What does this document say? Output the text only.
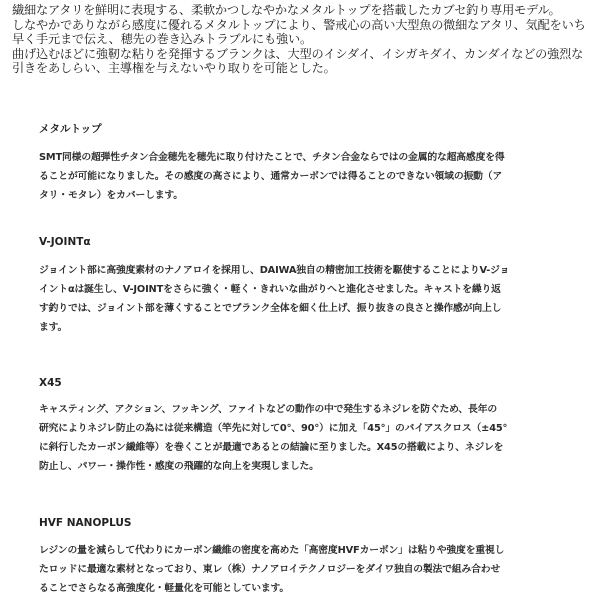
繊細なアタリを鮮明に表現する、柔軟かつしなやかなメタルトップを搭載したカブセ釣り専用モデル。
しなやかでありながら感度に優れるメタルトップにより、警戒心の高い大型魚の微細なアタリ、気配をいち
早く手元まで伝え、穂先の巻き込みトラブルにも強い。
曲げ込むほどに強靭な粘りを発揮するブランクは、大型のイシダイ、イシガキダイ、カンダイなどの強烈な
引きをあしらい、主導権を与えないやり取りを可能とした。

メタルトップ

SMT同様の超弾性チタン合金穂先を穂先に取り付けたことで、チタン合金ならではの金属的な超高感度を得
ることが可能になりました。その感度の高さにより、通常カーボンでは得ることのできない領域の振動（ア
タリ・モタレ）をカバーします。

V-JOINTα

ジョイント部に高強度素材のナノアロイを採用し、DAIWA独自の精密加工技術を駆使することによりV-ジョ
イントαは誕生し、V-JOINTをさらに強く・軽く・きれいな曲がりへと進化させました。キャストを繰り返
す釣りでは、ジョイント部を薄くすることでブランク全体を細く仕上げ、振り抜きの良さと操作感が向上し
ます。

X45

キャスティング、アクション、フッキング、ファイトなどの動作の中で発生するネジレを防ぐため、長年の
研究によりネジレ防止の為には従来構造（竿先に対して0°、90°）に加え「45°」のバイアスクロス（±45°
に斜行したカーボン繊維等）を巻くことが最適であるとの結論に至りました。X45の搭載により、ネジレを
防止し、パワー・操作性・感度の飛躍的な向上を実現しました。

HVF NANOPLUS

レジンの量を減らして代わりにカーボン繊維の密度を高めた「高密度HVFカーボン」は粘りや強度を重視し
たロッドに最適な素材となっており、東レ（株）ナノアロイテクノロジーをダイワ独自の製法で組み合わせ
ることでさらなる高強度化・軽量化を可能としています。
